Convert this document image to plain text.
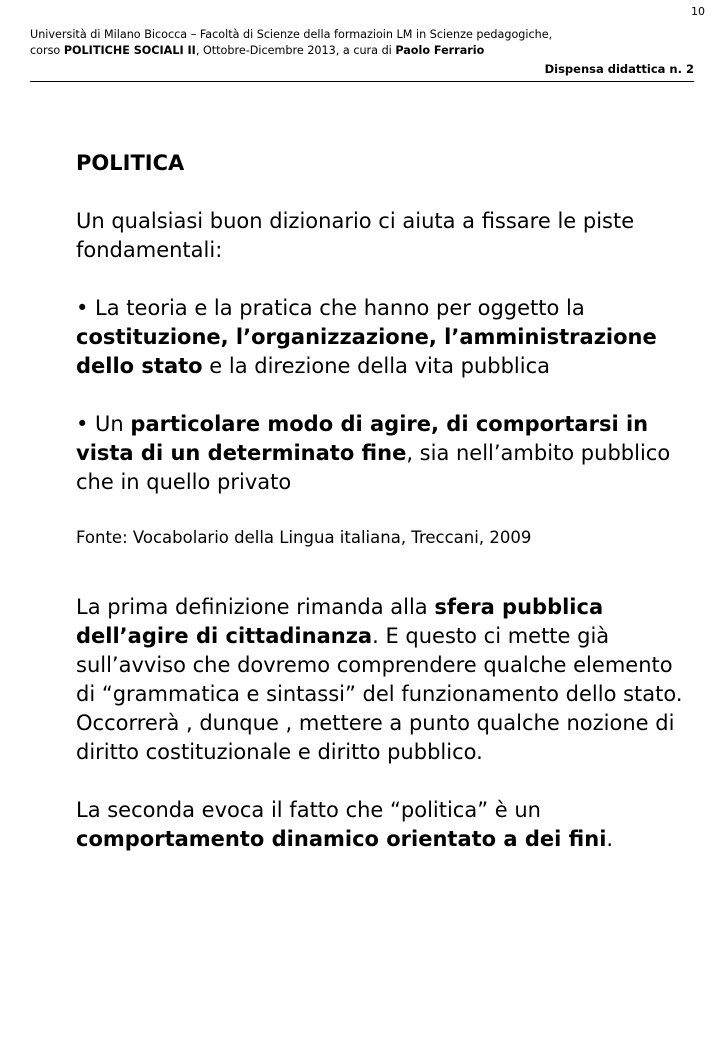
10
Università di Milano Bicocca – Facoltà di Scienze della formazioin LM in Scienze pedagogiche,
corso POLITICHE SOCIALI II, Ottobre-Dicembre 2013, a cura di Paolo Ferrario
Dispensa didattica n. 2

POLITICA

Un qualsiasi buon dizionario ci aiuta a fissare le piste fondamentali:

• La teoria e la pratica che hanno per oggetto la costituzione, l’organizzazione, l’amministrazione dello stato e la direzione della vita pubblica

• Un particolare modo di agire, di comportarsi in vista di un determinato fine, sia nell’ambito pubblico che in quello privato

Fonte: Vocabolario della Lingua italiana, Treccani, 2009

La prima definizione rimanda alla sfera pubblica dell’agire di cittadinanza. E questo ci mette già sull’avviso che dovremo comprendere qualche elemento di “grammatica e sintassi” del funzionamento dello stato. Occorrerà , dunque , mettere a punto qualche nozione di diritto costituzionale e diritto pubblico.

La seconda evoca il fatto che “politica” è un comportamento dinamico orientato a dei fini.
